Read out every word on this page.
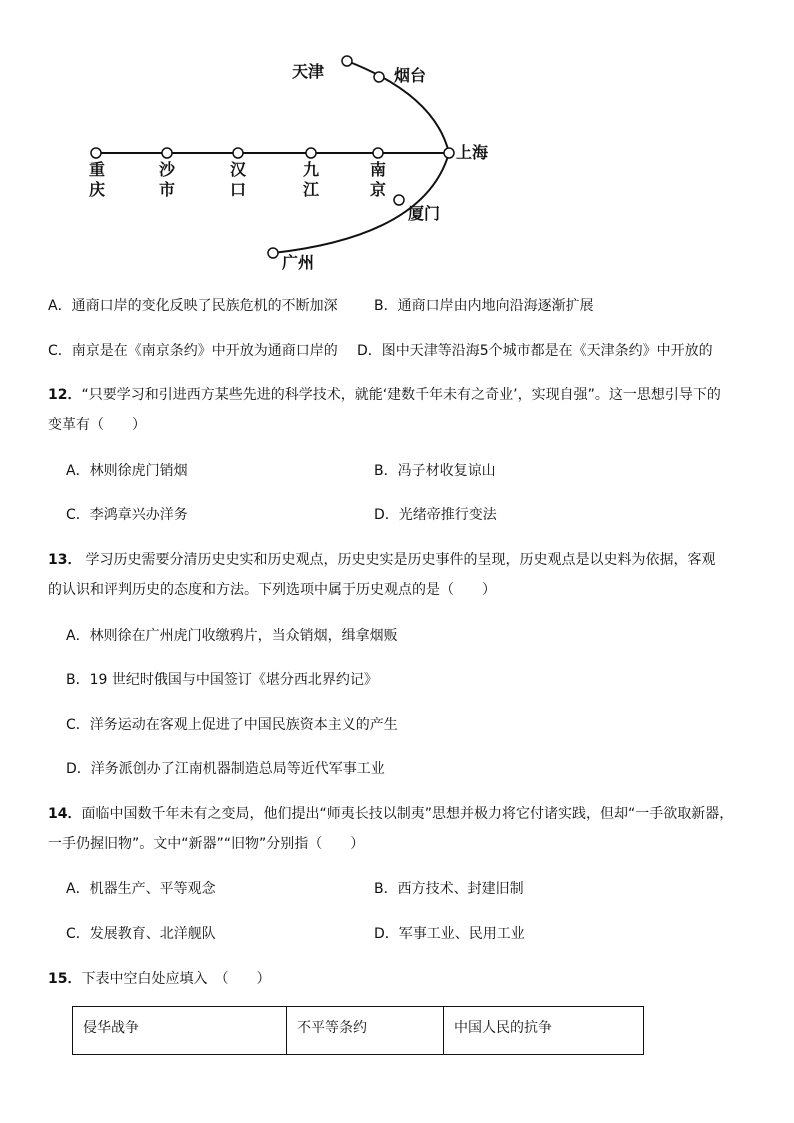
天津	烟台
上海
厦门
广州
重
庆
沙
市
汉
口
九
江
南
京
A．通商口岸的变化反映了民族危机的不断加深	B．通商口岸由内地向沿海逐渐扩展
C．南京是在《南京条约》中开放为通商口岸的 D．图中天津等沿海5个城市都是在《天津条约》中开放的
12．“只要学习和引进西方某些先进的科学技术，就能‘建数千年未有之奇业’，实现自强”。这一思想引导下的
变革有（　　）
A．林则徐虎门销烟	B．冯子材收复谅山
C．李鸿章兴办洋务	D．光绪帝推行变法
13． 学习历史需要分清历史史实和历史观点，历史史实是历史事件的呈现，历史观点是以史料为依据，客观
的认识和评判历史的态度和方法。下列选项中属于历史观点的是（　　）
A．林则徐在广州虎门收缴鸦片，当众销烟，缉拿烟贩
B．19 世纪时俄国与中国签订《堪分西北界约记》
C．洋务运动在客观上促进了中国民族资本主义的产生
D．洋务派创办了江南机器制造总局等近代军事工业
14．面临中国数千年未有之变局，他们提出“师夷长技以制夷”思想并极力将它付诸实践，但却“一手欲取新器，
一手仍握旧物”。文中“新器”“旧物”分别指（　　）
A．机器生产、平等观念	B．西方技术、封建旧制
C．发展教育、北洋舰队	D．军事工业、民用工业
15．下表中空白处应填入　（　　）
侵华战争	不平等条约	中国人民的抗争
